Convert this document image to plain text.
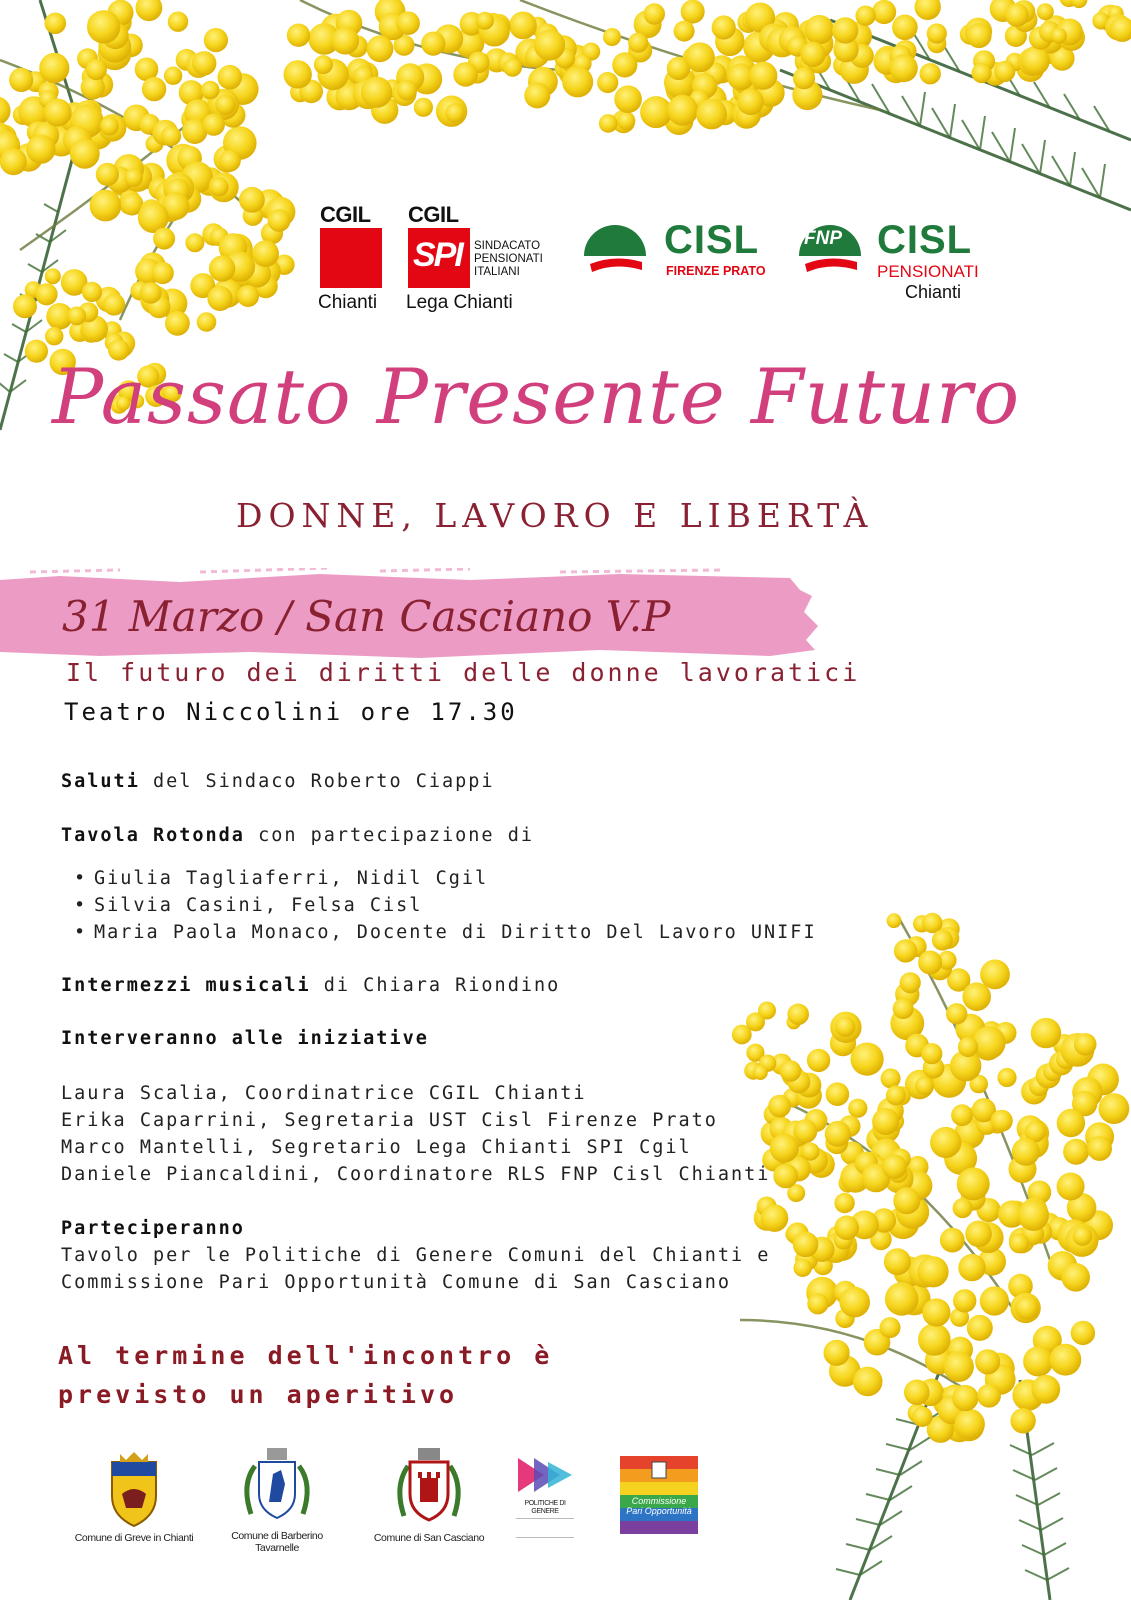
CGIL
Chianti
CGIL
SPI SINDACATO
PENSIONATI
ITALIANI
Lega Chianti
CISL
FIRENZE PRATO
FNP CISL
PENSIONATI
Chianti
Passato Presente Futuro
DONNE, LAVORO E LIBERTÀ
31 Marzo / San Casciano V.P
Il futuro dei diritti delle donne lavoratici
Teatro Niccolini ore 17.30
Saluti del Sindaco Roberto Ciappi
Tavola Rotonda con partecipazione di
• Giulia Tagliaferri, Nidil Cgil
• Silvia Casini, Felsa Cisl
• Maria Paola Monaco, Docente di Diritto Del Lavoro UNIFI
Intermezzi musicali di Chiara Riondino
Interveranno alle iniziative
Laura Scalia, Coordinatrice CGIL Chianti
Erika Caparrini, Segretaria UST Cisl Firenze Prato
Marco Mantelli, Segretario Lega Chianti SPI Cgil
Daniele Piancaldini, Coordinatore RLS FNP Cisl Chianti
Parteciperanno
Tavolo per le Politiche di Genere Comuni del Chianti e
Commissione Pari Opportunità Comune di San Casciano
Al termine dell'incontro è
previsto un aperitivo
Comune di Greve in Chianti	Comune di Barberino
Tavarnelle
Comune di San Casciano
POLITICHE DI
GENERE
Commissione
Pari Opportunità
